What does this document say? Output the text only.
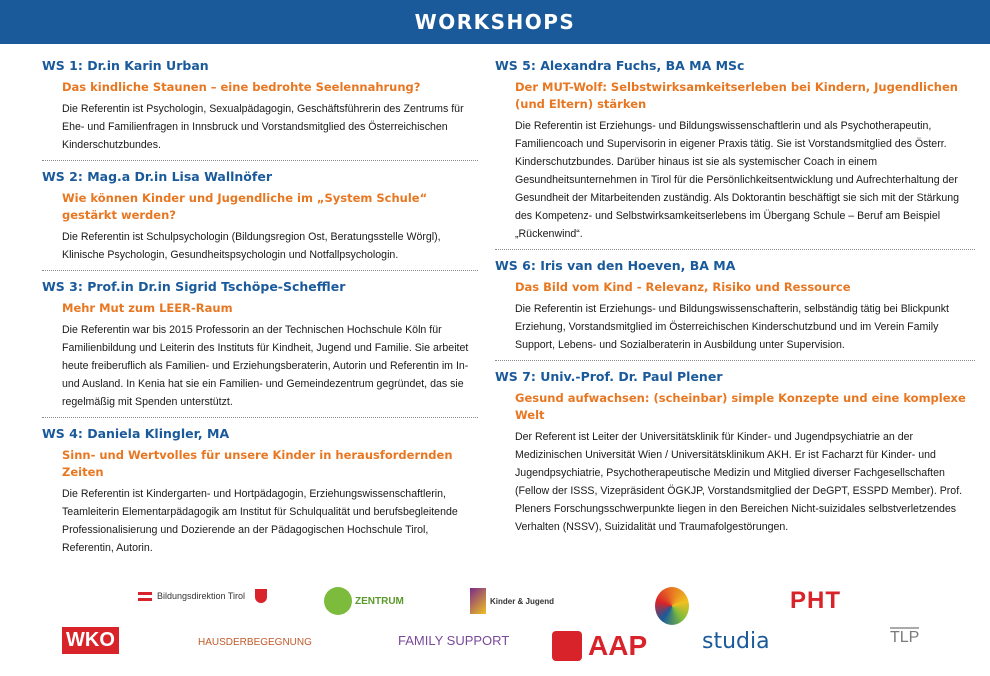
WORKSHOPS
WS 1: Dr.in Karin Urban
Das kindliche Staunen – eine bedrohte Seelennahrung?

Die Referentin ist Psychologin, Sexualpädagogin, Geschäftsführerin des Zentrums für Ehe- und Familienfragen in Innsbruck und Vorstandsmitglied des Österreichischen Kinderschutzbundes.

WS 2: Mag.a Dr.in Lisa Wallnöfer
Wie können Kinder und Jugendliche im „System Schule“ gestärkt werden?

Die Referentin ist Schulpsychologin (Bildungsregion Ost, Beratungsstelle Wörgl), Klinische Psychologin, Gesundheitspsychologin und Notfallpsychologin.

WS 3: Prof.in Dr.in Sigrid Tschöpe-Scheffler
Mehr Mut zum LEER-Raum

Die Referentin war bis 2015 Professorin an der Technischen Hochschule Köln für Familienbildung und Leiterin des Instituts für Kindheit, Jugend und Familie. Sie arbeitet heute freiberuflich als Familien- und Erziehungsberaterin, Autorin und Referentin im In- und Ausland. In Kenia hat sie ein Familien- und Gemeindezentrum gegründet, das sie regelmäßig mit Spenden unterstützt.

WS 4: Daniela Klingler, MA
Sinn- und Wertvolles für unsere Kinder in herausfordernden Zeiten

Die Referentin ist Kindergarten- und Hortpädagogin, Erziehungswissenschaftlerin, Teamleiterin Elementarpädagogik am Institut für Schulqualität und berufsbegleitende Professionalisierung und Dozierende an der Pädagogischen Hochschule Tirol, Referentin, Autorin.

WS 5: Alexandra Fuchs, BA MA MSc
Der MUT-Wolf: Selbstwirksamkeitserleben bei Kindern, Jugendlichen (und Eltern) stärken

Die Referentin ist Erziehungs- und Bildungswissenschaftlerin und als Psychotherapeutin, Familiencoach und Supervisorin in eigener Praxis tätig. Sie ist Vorstandsmitglied des Österr. Kinderschutzbundes. Darüber hinaus ist sie als systemischer Coach in einem Gesundheitsunternehmen in Tirol für die Persönlichkeitsentwicklung und Aufrechterhaltung der Gesundheit der Mitarbeitenden zuständig. Als Doktorantin beschäftigt sie sich mit der Stärkung des Kompetenz- und Selbstwirksamkeitserlebens im Übergang Schule – Beruf am Beispiel „Rückenwind“.

WS 6: Iris van den Hoeven, BA MA
Das Bild vom Kind - Relevanz, Risiko und Ressource

Die Referentin ist Erziehungs- und Bildungswissenschafterin, selbständig tätig bei Blickpunkt Erziehung, Vorstandsmitglied im Österreichischen Kinderschutzbund und im Verein Family Support, Lebens- und Sozialberaterin in Ausbildung unter Supervision.

WS 7: Univ.-Prof. Dr. Paul Plener
Gesund aufwachsen: (scheinbar) simple Konzepte und eine komplexe Welt

Der Referent ist Leiter der Universitätsklinik für Kinder- und Jugendpsychiatrie an der Medizinischen Universität Wien / Universitätsklinikum AKH. Er ist Facharzt für Kinder- und Jugendpsychiatrie, Psychotherapeutische Medizin und Mitglied diverser Fachgesellschaften (Fellow der ISSS, Vizepräsident ÖGKJP, Vorstandsmitglied der DeGPT, ESSPD Member). Prof. Pleners Forschungsschwerpunkte liegen in den Bereichen Nicht-suizidales selbstverletzendes Verhalten (NSSV), Suizidalität und Traumafolgestörungen.

Bildungsdirektion Tirol	ZENTRUM	Kinder & Jugend	PHT
WKO	HAUSDERBEGEGNUNG	FAMILY SUPPORT	AAP studia	TLP
